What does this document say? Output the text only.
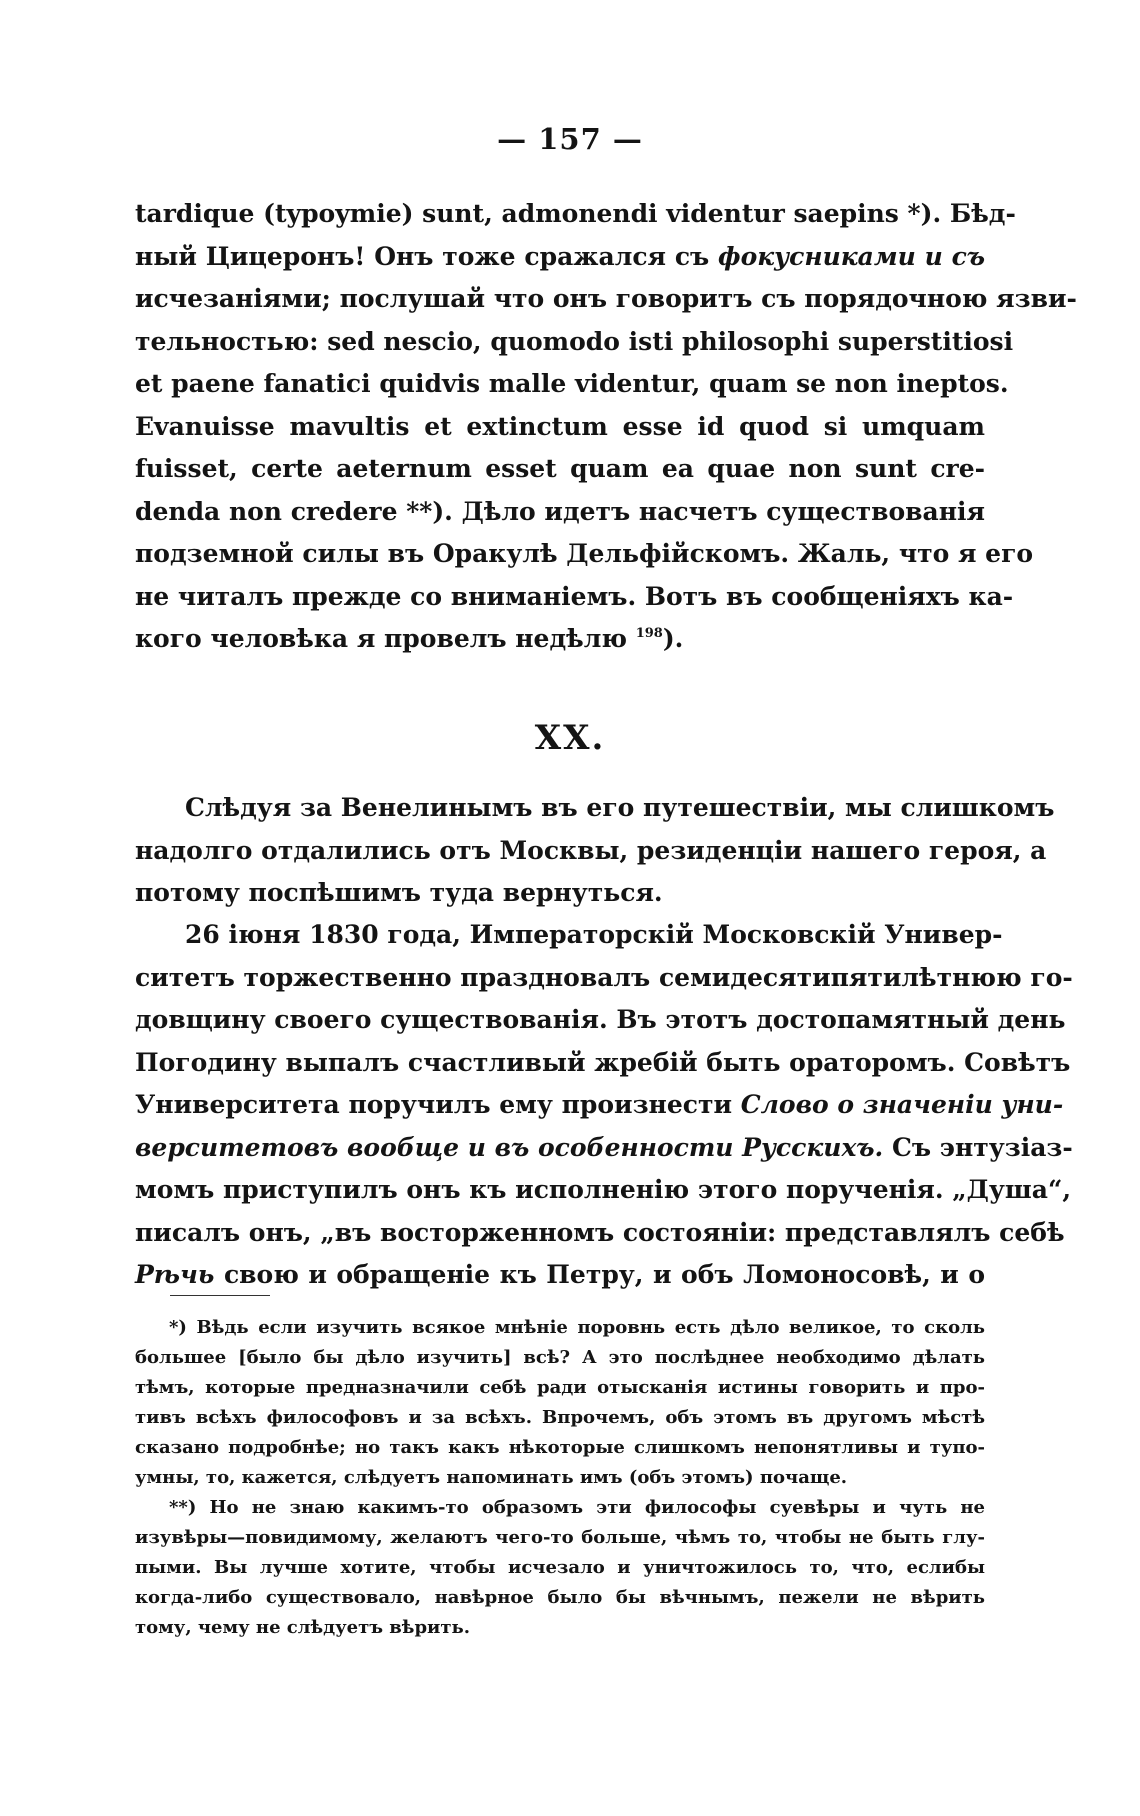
— 157 —
tardique (typoymie) sunt, admonendi videntur saepins *). Бѣд-
ный Цицеронъ! Онъ тоже сражался съ фокусниками и съ
исчезаніями; послушай что онъ говоритъ съ порядочною язви-
тельностью: sed nescio, quomodo isti philosophi superstitiosi
et paene fanatici quidvis malle videntur, quam se non ineptos.
Evanuisse mavultis et extinctum esse id quod si umquam
fuisset, certe aeternum esset quam ea quae non sunt cre-
denda non credere **). Дѣло идетъ насчетъ существованія
подземной силы въ Оракулѣ Дельфійскомъ. Жаль, что я его
не читалъ прежде со вниманіемъ. Вотъ въ сообщеніяхъ ка-
кого человѣка я провелъ недѣлю $^{198}$).
XX.
Слѣдуя за Венелинымъ въ его путешествіи, мы слишкомъ
надолго отдалились отъ Москвы, резиденціи нашего героя, а
потому поспѣшимъ туда вернуться.
26 іюня 1830 года, Императорскій Московскій Универ-
ситетъ торжественно праздновалъ семидесятипятилѣтнюю го-
довщину своего существованія. Въ этотъ достопамятный день
Погодину выпалъ счастливый жребій быть ораторомъ. Совѣтъ
Университета поручилъ ему произнести Слово о значеніи уни-
верситетовъ вообще и въ особенности Русскихъ. Съ энтузіаз-
момъ приступилъ онъ къ исполненію этого порученія. „Душа“,
писалъ онъ, „въ восторженномъ состояніи: представлялъ себѣ
Рѣчь свою и обращеніе къ Петру, и объ Ломоносовѣ, и о
*) Вѣдь если изучить всякое мнѣніе поровнь есть дѣло великое, то сколь
большее [было бы дѣло изучить] всѣ? А это послѣднее необходимо дѣлать
тѣмъ, которые предназначили себѣ ради отысканія истины говорить и про-
тивъ всѣхъ философовъ и за всѣхъ. Впрочемъ, объ этомъ въ другомъ мѣстѣ
сказано подробнѣе; но такъ какъ нѣкоторые слишкомъ непонятливы и тупо-
умны, то, кажется, слѣдуетъ напоминать имъ (объ этомъ) почаще.
**) Но не знаю какимъ-то образомъ эти философы суевѣры и чуть не
изувѣры—повидимому, желаютъ чего-то больше, чѣмъ то, чтобы не быть глу-
пыми. Вы лучше хотите, чтобы исчезало и уничтожилось то, что, еслибы
когда-либо существовало, навѣрное было бы вѣчнымъ, пежели не вѣрить
тому, чему не слѣдуетъ вѣрить.
